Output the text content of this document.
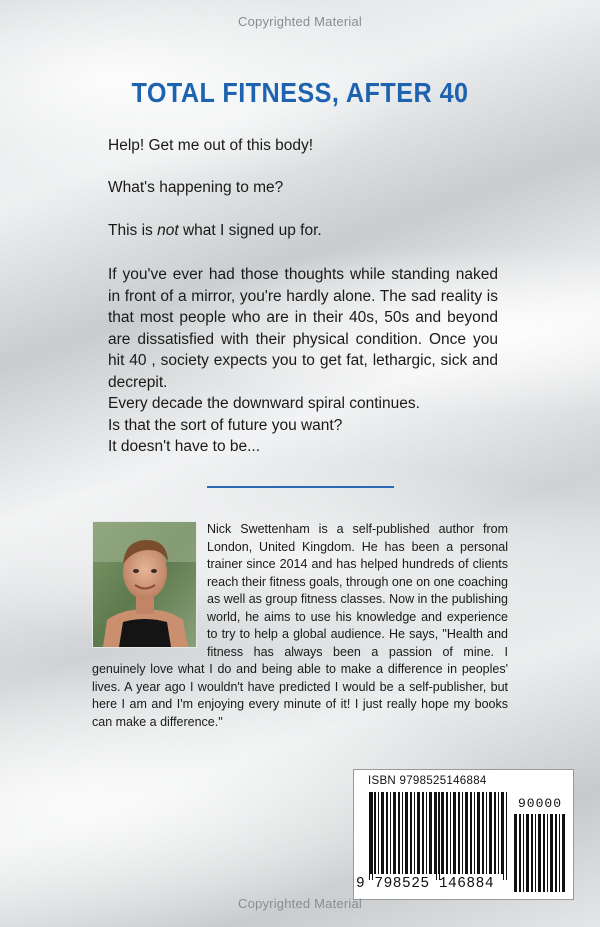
Copyrighted Material
TOTAL FITNESS, AFTER 40
Help! Get me out of this body!
What's happening to me?
This is not what I signed up for.
If you've ever had those thoughts while standing naked in front of a mirror, you're hardly alone. The sad reality is that most people who are in their 40s, 50s and beyond are dissatisfied with their physical condition. Once you hit 40 , society expects you to get fat, lethargic, sick and decrepit.
Every decade the downward spiral continues.
Is that the sort of future you want?
It doesn't have to be...
Nick Swettenham is a self-published author from London, United Kingdom. He has been a personal trainer since 2014 and has helped hundreds of clients reach their fitness goals, through one on one coaching as well as group fitness classes. Now in the publishing world, he aims to use his knowledge and experience to try to help a global audience. He says, "Health and fitness has always been a passion of mine. I genuinely love what I do and being able to make a difference in peoples' lives. A year ago I wouldn't have predicted I would be a self-publisher, but here I am and I'm enjoying every minute of it! I just really hope my books can make a difference."
ISBN 9798525146884
90000
9 798525 146884
Copyrighted Material
